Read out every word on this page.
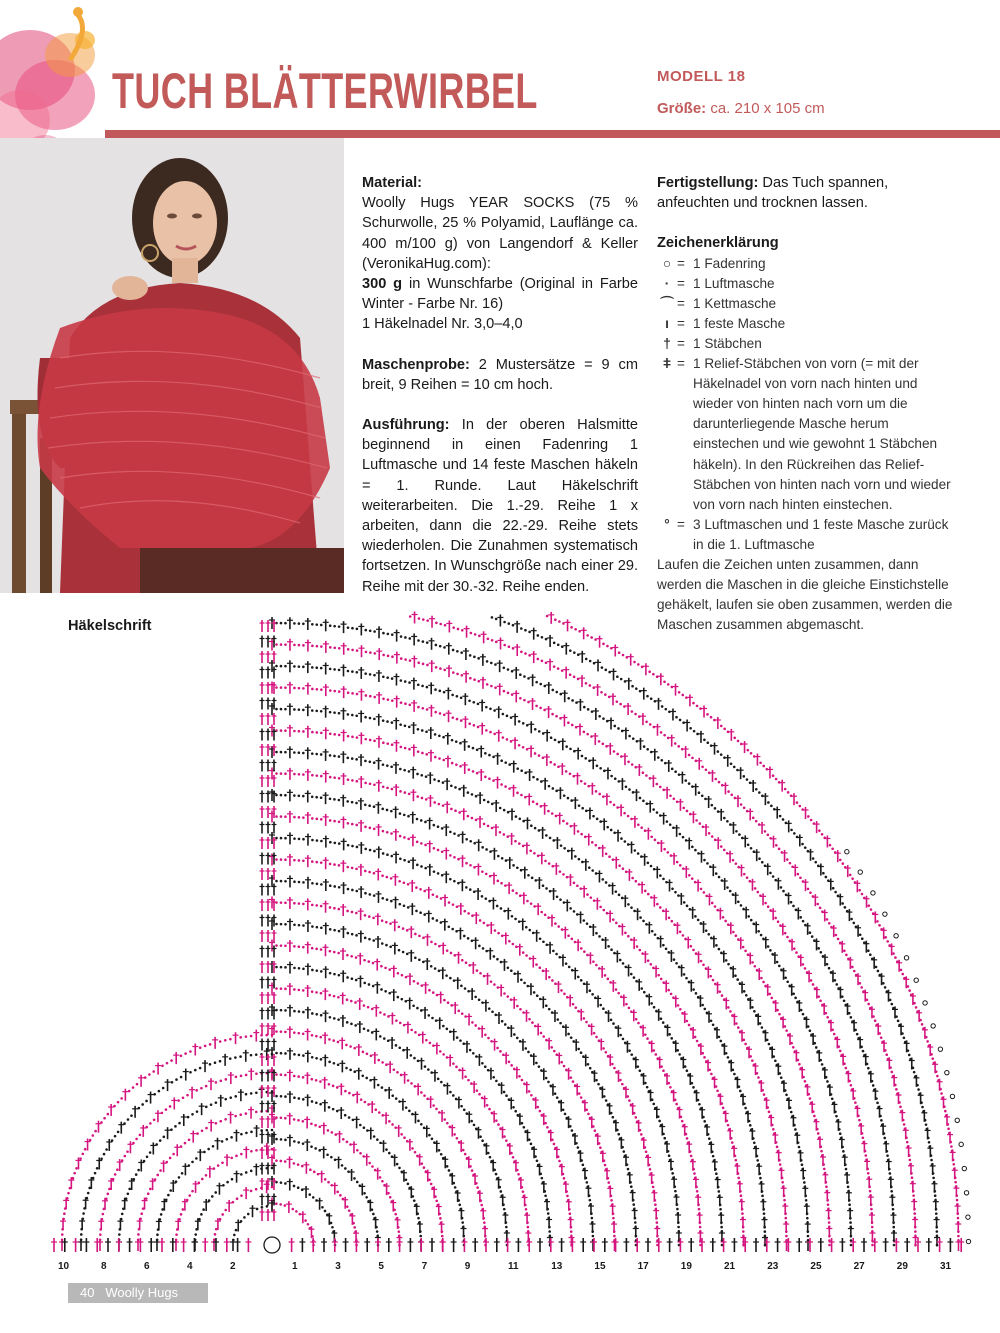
TUCH BLÄTTERWIRBEL	MODELL 18
Größe: ca. 210 x 105 cm

Material:
Woolly Hugs YEAR SOCKS (75 % Schurwolle, 25 % Polyamid, Lauflänge ca. 400 m/100 g) von Langendorf & Keller (VeronikaHug.com):
300 g in Wunschfarbe (Original in Farbe Winter - Farbe Nr. 16)
1 Häkelnadel Nr. 3,0–4,0

Maschenprobe: 2 Mustersätze = 9 cm breit, 9 Reihen = 10 cm hoch.

Ausführung: In der oberen Halsmitte beginnend in einen Fadenring 1 Luftmasche und 14 feste Maschen häkeln = 1. Runde. Laut Häkelschrift weiterarbeiten. Die 1.-29. Reihe 1 x arbeiten, dann die 22.-29. Reihe stets wiederholen. Die Zunahmen systematisch fortsetzen. In Wunschgröße nach einer 29. Reihe mit der 30.-32. Reihe enden.

Fertigstellung: Das Tuch spannen, anfeuchten und trocknen lassen.

Zeichenerklärung
○ = 1 Fadenring
· = 1 Luftmasche
⌒ = 1 Kettmasche
ı = 1 feste Masche
† = 1 Stäbchen
ǂ = 1 Relief-Stäbchen von vorn (= mit der Häkelnadel von vorn nach hinten und wieder von hinten nach vorn um die darunterliegende Masche herum einstechen und wie gewohnt 1 Stäbchen häkeln). In den Rückreihen das Relief-Stäbchen von hinten nach vorn und wieder von vorn nach hinten einstechen.
° = 3 Luftmaschen und 1 feste Masche zurück in die 1. Luftmasche
Laufen die Zeichen unten zusammen, dann werden die Maschen in die gleiche Einstichstelle gehäkelt, laufen sie oben zusammen, werden die Maschen zusammen abgemascht.
Häkelschrift
10	8	6	4	2	1	3	5	7	9	11	13	15	17	19	21	23	25	27	29	31
40 Woolly Hugs
